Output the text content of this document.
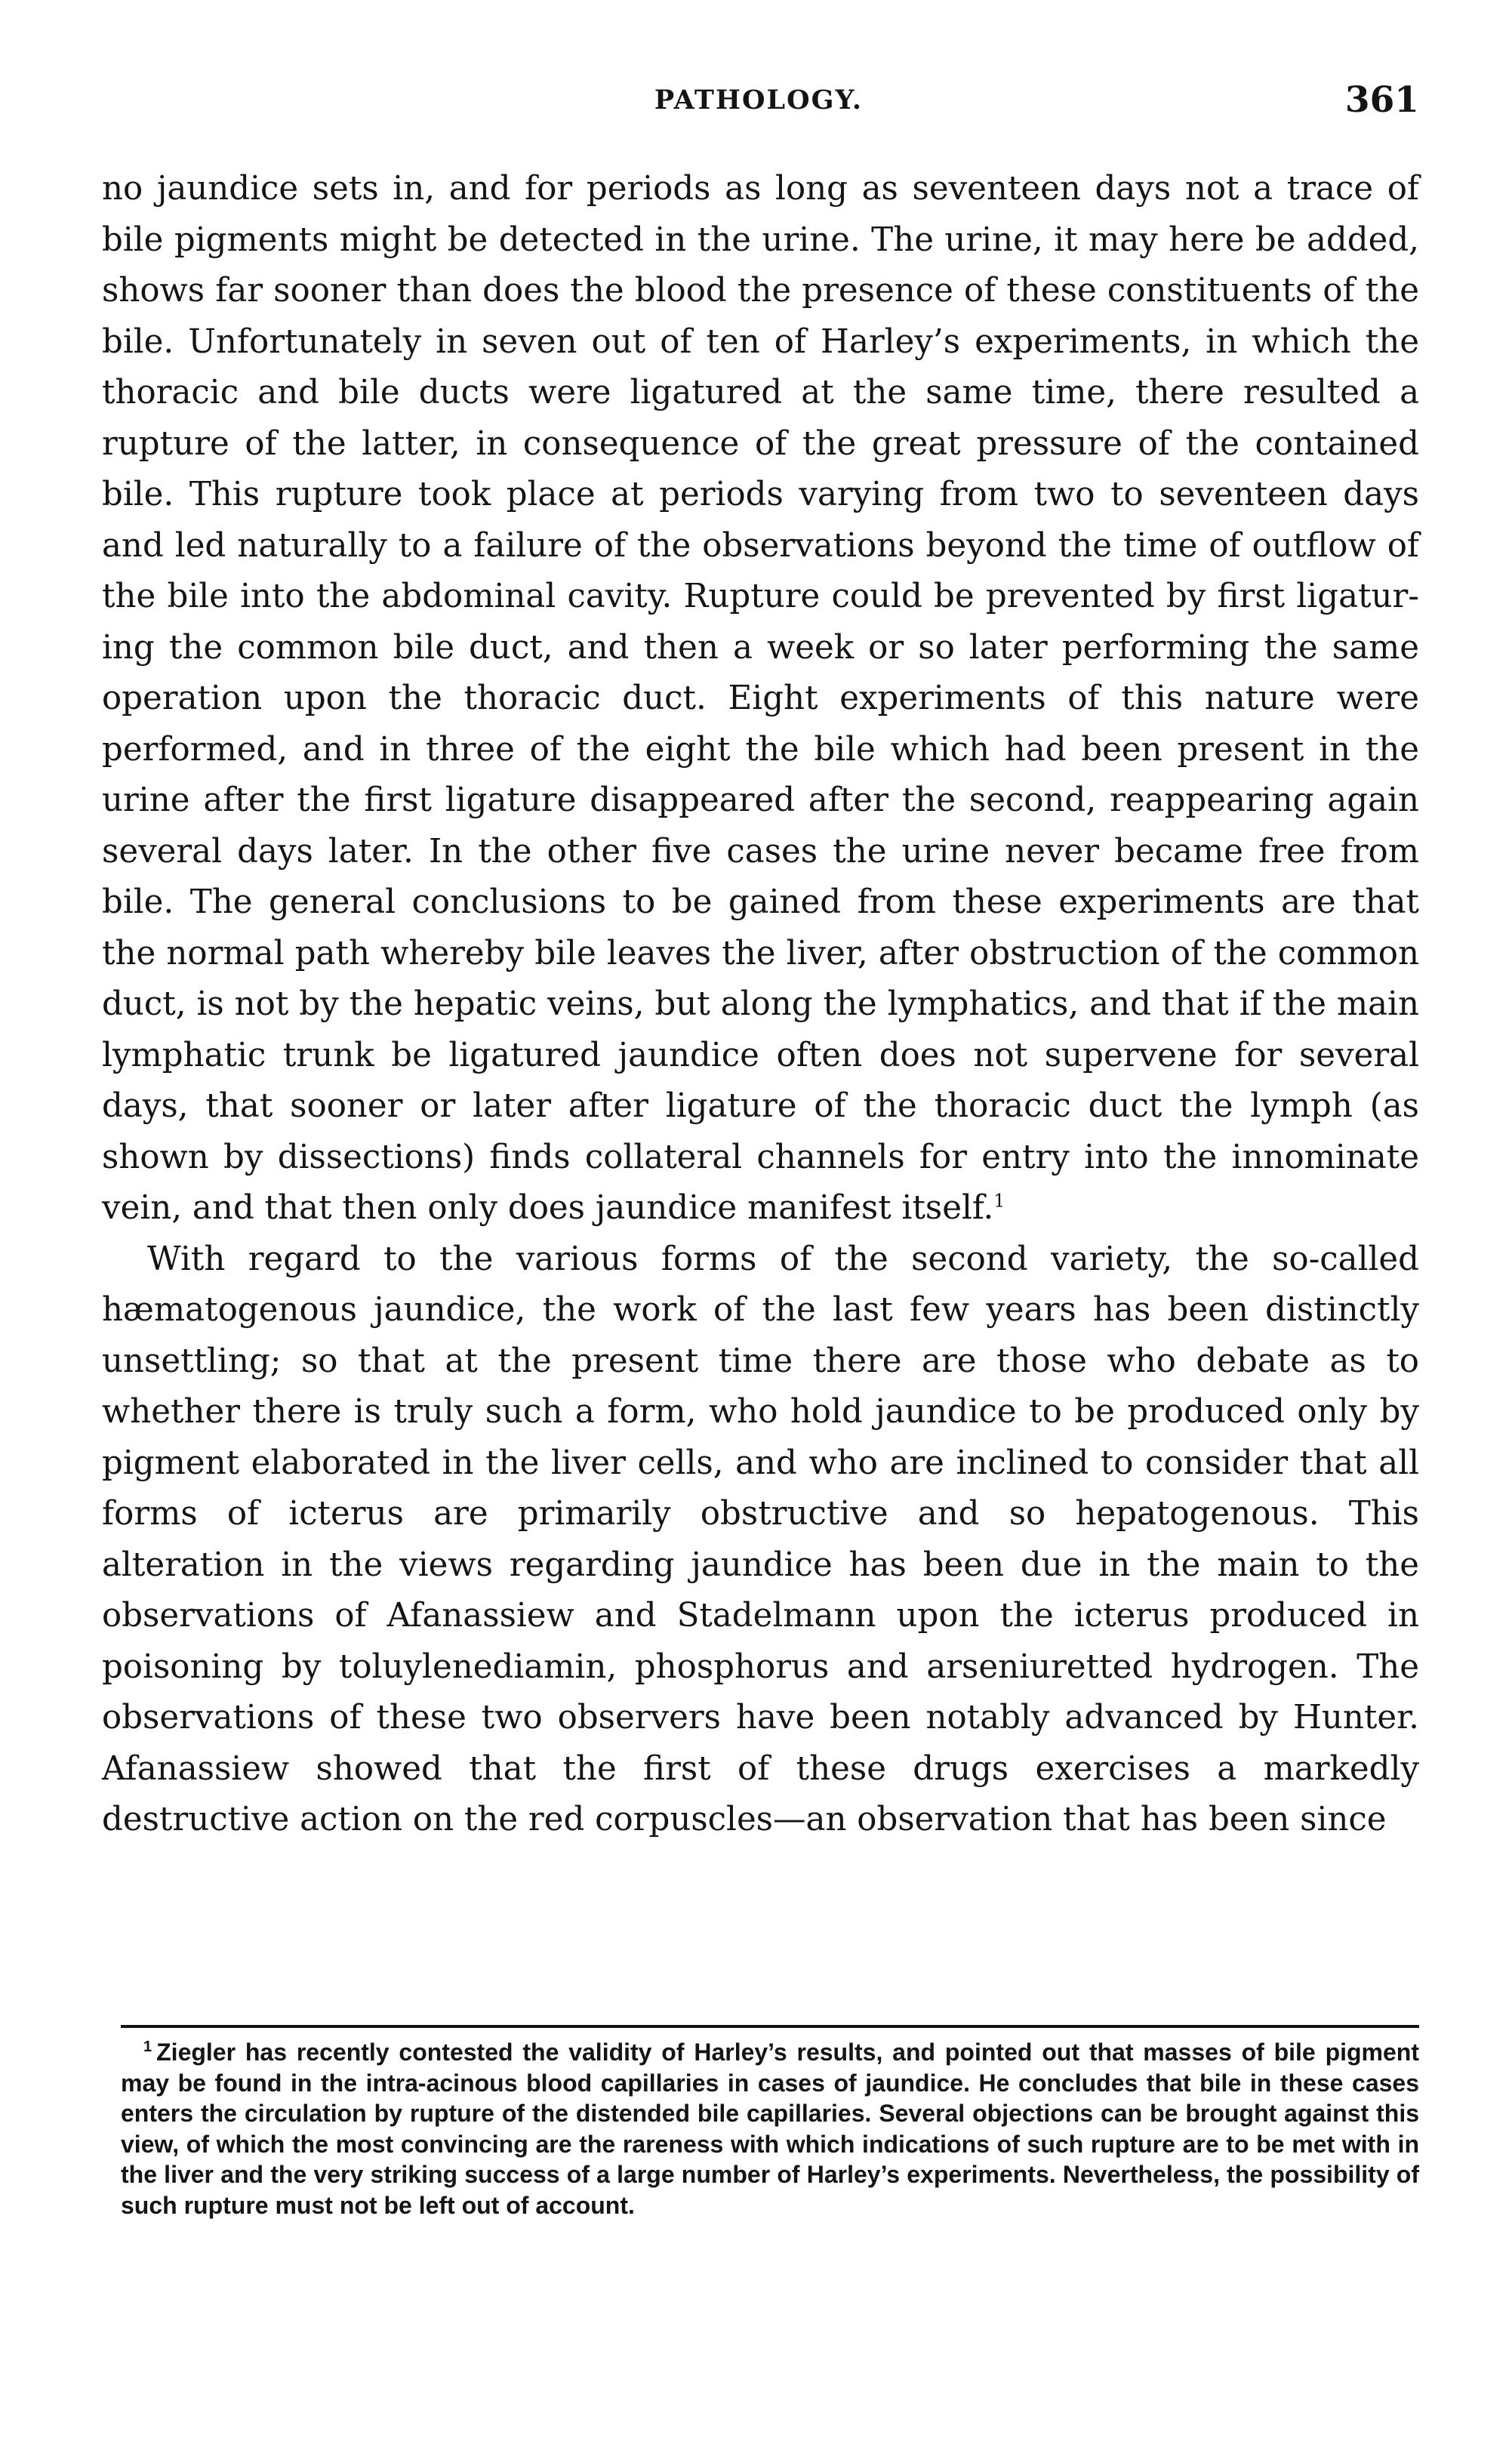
PATHOLOGY.	361

no jaundice sets in, and for periods as long as seventeen days not a trace of bile pigments might be detected in the urine. The urine, it may here be added, shows far sooner than does the blood the presence of these constituents of the bile. Unfortunately in seven out of ten of Harley’s experiments, in which the thoracic and bile ducts were ligatured at the same time, there resulted a rupture of the latter, in consequence of the great pressure of the contained bile. This rupture took place at periods varying from two to seventeen days and led naturally to a failure of the observations beyond the time of outflow of the bile into the abdominal cavity. Rupture could be prevented by first ligaturing the common bile duct, and then a week or so later performing the same operation upon the thoracic duct. Eight experiments of this nature were performed, and in three of the eight the bile which had been present in the urine after the first ligature disappeared after the second, reappearing again several days later. In the other five cases the urine never became free from bile. The general conclusions to be gained from these experiments are that the normal path whereby bile leaves the liver, after obstruction of the common duct, is not by the hepatic veins, but along the lymphatics, and that if the main lymphatic trunk be ligatured jaundice often does not supervene for several days, that sooner or later after ligature of the thoracic duct the lymph (as shown by dissections) finds collateral channels for entry into the innominate vein, and that then only does jaundice manifest itself.$^1$

With regard to the various forms of the second variety, the so-called hæmatogenous jaundice, the work of the last few years has been distinctly unsettling; so that at the present time there are those who debate as to whether there is truly such a form, who hold jaundice to be produced only by pigment elaborated in the liver cells, and who are inclined to consider that all forms of icterus are primarily obstructive and so hepatogenous. This alteration in the views regarding jaundice has been due in the main to the observations of Afanassiew and Stadelmann upon the icterus produced in poisoning by toluylenediamin, phosphorus and arseniuretted hydrogen. The observations of these two observers have been notably advanced by Hunter. Afanassiew showed that the first of these drugs exercises a markedly destructive action on the red corpuscles—an observation that has been since

$^1$ Ziegler has recently contested the validity of Harley’s results, and pointed out that masses of bile pigment may be found in the intra-acinous blood capillaries in cases of jaundice. He concludes that bile in these cases enters the circulation by rupture of the distended bile capillaries. Several objections can be brought against this view, of which the most convincing are the rareness with which indications of such rupture are to be met with in the liver and the very striking success of a large number of Harley’s experiments. Nevertheless, the possibility of such rupture must not be left out of account.
